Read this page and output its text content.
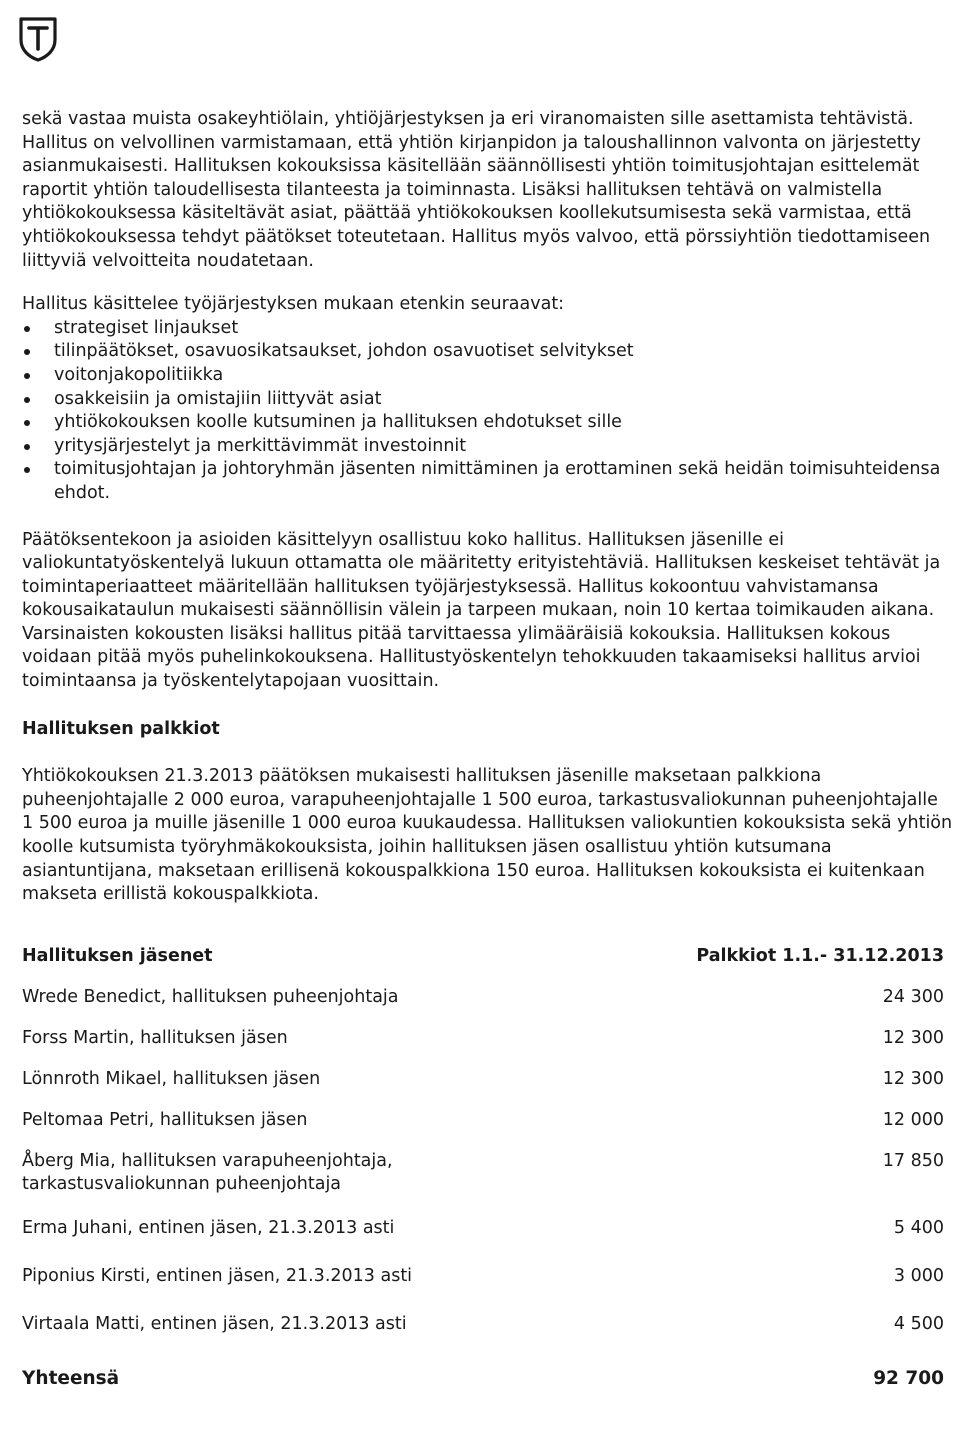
sekä vastaa muista osakeyhtiölain, yhtiöjärjestyksen ja eri viranomaisten sille asettamista tehtävistä. Hallitus on velvollinen varmistamaan, että yhtiön kirjanpidon ja taloushallinnon valvonta on järjestetty asianmukaisesti. Hallituksen kokouksissa käsitellään säännöllisesti yhtiön toimitusjohtajan esittelemät raportit yhtiön taloudellisesta tilanteesta ja toiminnasta. Lisäksi hallituksen tehtävä on valmistella yhtiökokouksessa käsiteltävät asiat, päättää yhtiökokouksen koollekutsumisesta sekä varmistaa, että yhtiökokouksessa tehdyt päätökset toteutetaan. Hallitus myös valvoo, että pörssiyhtiön tiedottamiseen liittyviä velvoitteita noudatetaan.

Hallitus käsittelee työjärjestyksen mukaan etenkin seuraavat:

strategiset linjaukset
tilinpäätökset, osavuosikatsaukset, johdon osavuotiset selvitykset
voitonjakopolitiikka
osakkeisiin ja omistajiin liittyvät asiat
yhtiökokouksen koolle kutsuminen ja hallituksen ehdotukset sille
yritysjärjestelyt ja merkittävimmät investoinnit
toimitusjohtajan ja johtoryhmän jäsenten nimittäminen ja erottaminen sekä heidän toimisuhteidensa ehdot.

Päätöksentekoon ja asioiden käsittelyyn osallistuu koko hallitus. Hallituksen jäsenille ei valiokuntatyöskentelyä lukuun ottamatta ole määritetty erityistehtäviä. Hallituksen keskeiset tehtävät ja toimintaperiaatteet määritellään hallituksen työjärjestyksessä. Hallitus kokoontuu vahvistamansa kokousaikataulun mukaisesti säännöllisin välein ja tarpeen mukaan, noin 10 kertaa toimikauden aikana. Varsinaisten kokousten lisäksi hallitus pitää tarvittaessa ylimääräisiä kokouksia. Hallituksen kokous voidaan pitää myös puhelinkokouksena. Hallitustyöskentelyn tehokkuuden takaamiseksi hallitus arvioi toimintaansa ja työskentelytapojaan vuosittain.

Hallituksen palkkiot

Yhtiökokouksen 21.3.2013 päätöksen mukaisesti hallituksen jäsenille maksetaan palkkiona puheenjohtajalle 2 000 euroa, varapuheenjohtajalle 1 500 euroa, tarkastusvaliokunnan puheenjohtajalle 1 500 euroa ja muille jäsenille 1 000 euroa kuukaudessa. Hallituksen valiokuntien kokouksista sekä yhtiön koolle kutsumista työryhmäkokouksista, joihin hallituksen jäsen osallistuu yhtiön kutsumana asiantuntijana, maksetaan erillisenä kokouspalkkiona 150 euroa. Hallituksen kokouksista ei kuitenkaan makseta erillistä kokouspalkkiota.

Hallituksen jäsenet	Palkkiot 1.1.- 31.12.2013
Wrede Benedict, hallituksen puheenjohtaja	24 300
Forss Martin, hallituksen jäsen	12 300
Lönnroth Mikael, hallituksen jäsen	12 300
Peltomaa Petri, hallituksen jäsen	12 000

Åberg Mia, hallituksen varapuheenjohtaja,
tarkastusvaliokunnan puheenjohtaja	17 850
Erma Juhani, entinen jäsen, 21.3.2013 asti	5 400
Piponius Kirsti, entinen jäsen, 21.3.2013 asti	3 000
Virtaala Matti, entinen jäsen, 21.3.2013 asti	4 500
Yhteensä	92 700
